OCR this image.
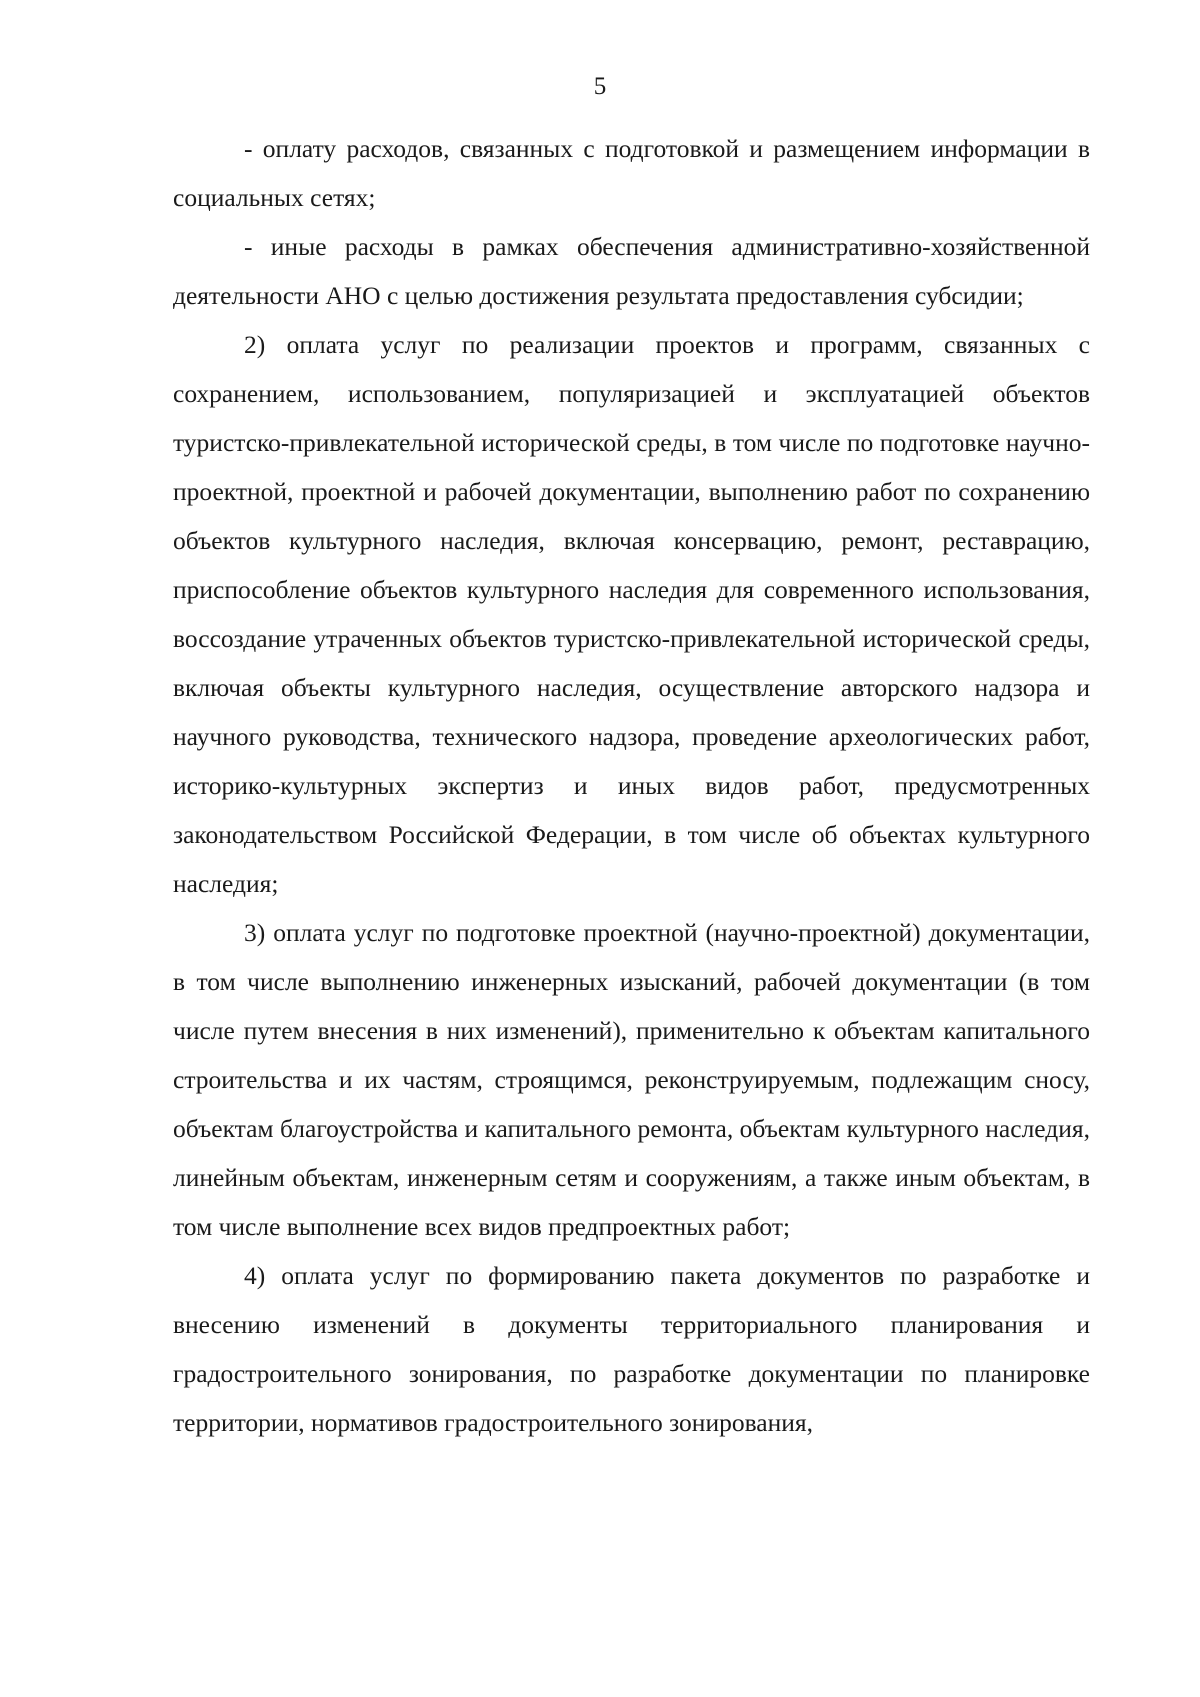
5

- оплату расходов, связанных с подготовкой и размещением информации в социальных сетях;

- иные расходы в рамках обеспечения административно-хозяйственной деятельности АНО с целью достижения результата предоставления субсидии;

2) оплата услуг по реализации проектов и программ, связанных с сохранением, использованием, популяризацией и эксплуатацией объектов туристско-привлекательной исторической среды, в том числе по подготовке научно-проектной, проектной и рабочей документации, выполнению работ по сохранению объектов культурного наследия, включая консервацию, ремонт, реставрацию, приспособление объектов культурного наследия для современного использования, воссоздание утраченных объектов туристско-привлекательной исторической среды, включая объекты культурного наследия, осуществление авторского надзора и научного руководства, технического надзора, проведение археологических работ, историко-культурных экспертиз и иных видов работ, предусмотренных законодательством Российской Федерации, в том числе об объектах культурного наследия;

3) оплата услуг по подготовке проектной (научно-проектной) документации, в том числе выполнению инженерных изысканий, рабочей документации (в том числе путем внесения в них изменений), применительно к объектам капитального строительства и их частям, строящимся, реконструируемым, подлежащим сносу, объектам благоустройства и капитального ремонта, объектам культурного наследия, линейным объектам, инженерным сетям и сооружениям, а также иным объектам, в том числе выполнение всех видов предпроектных работ;

4) оплата услуг по формированию пакета документов по разработке и внесению изменений в документы территориального планирования и градостроительного зонирования, по разработке документации по планировке территории, нормативов градостроительного зонирования,
